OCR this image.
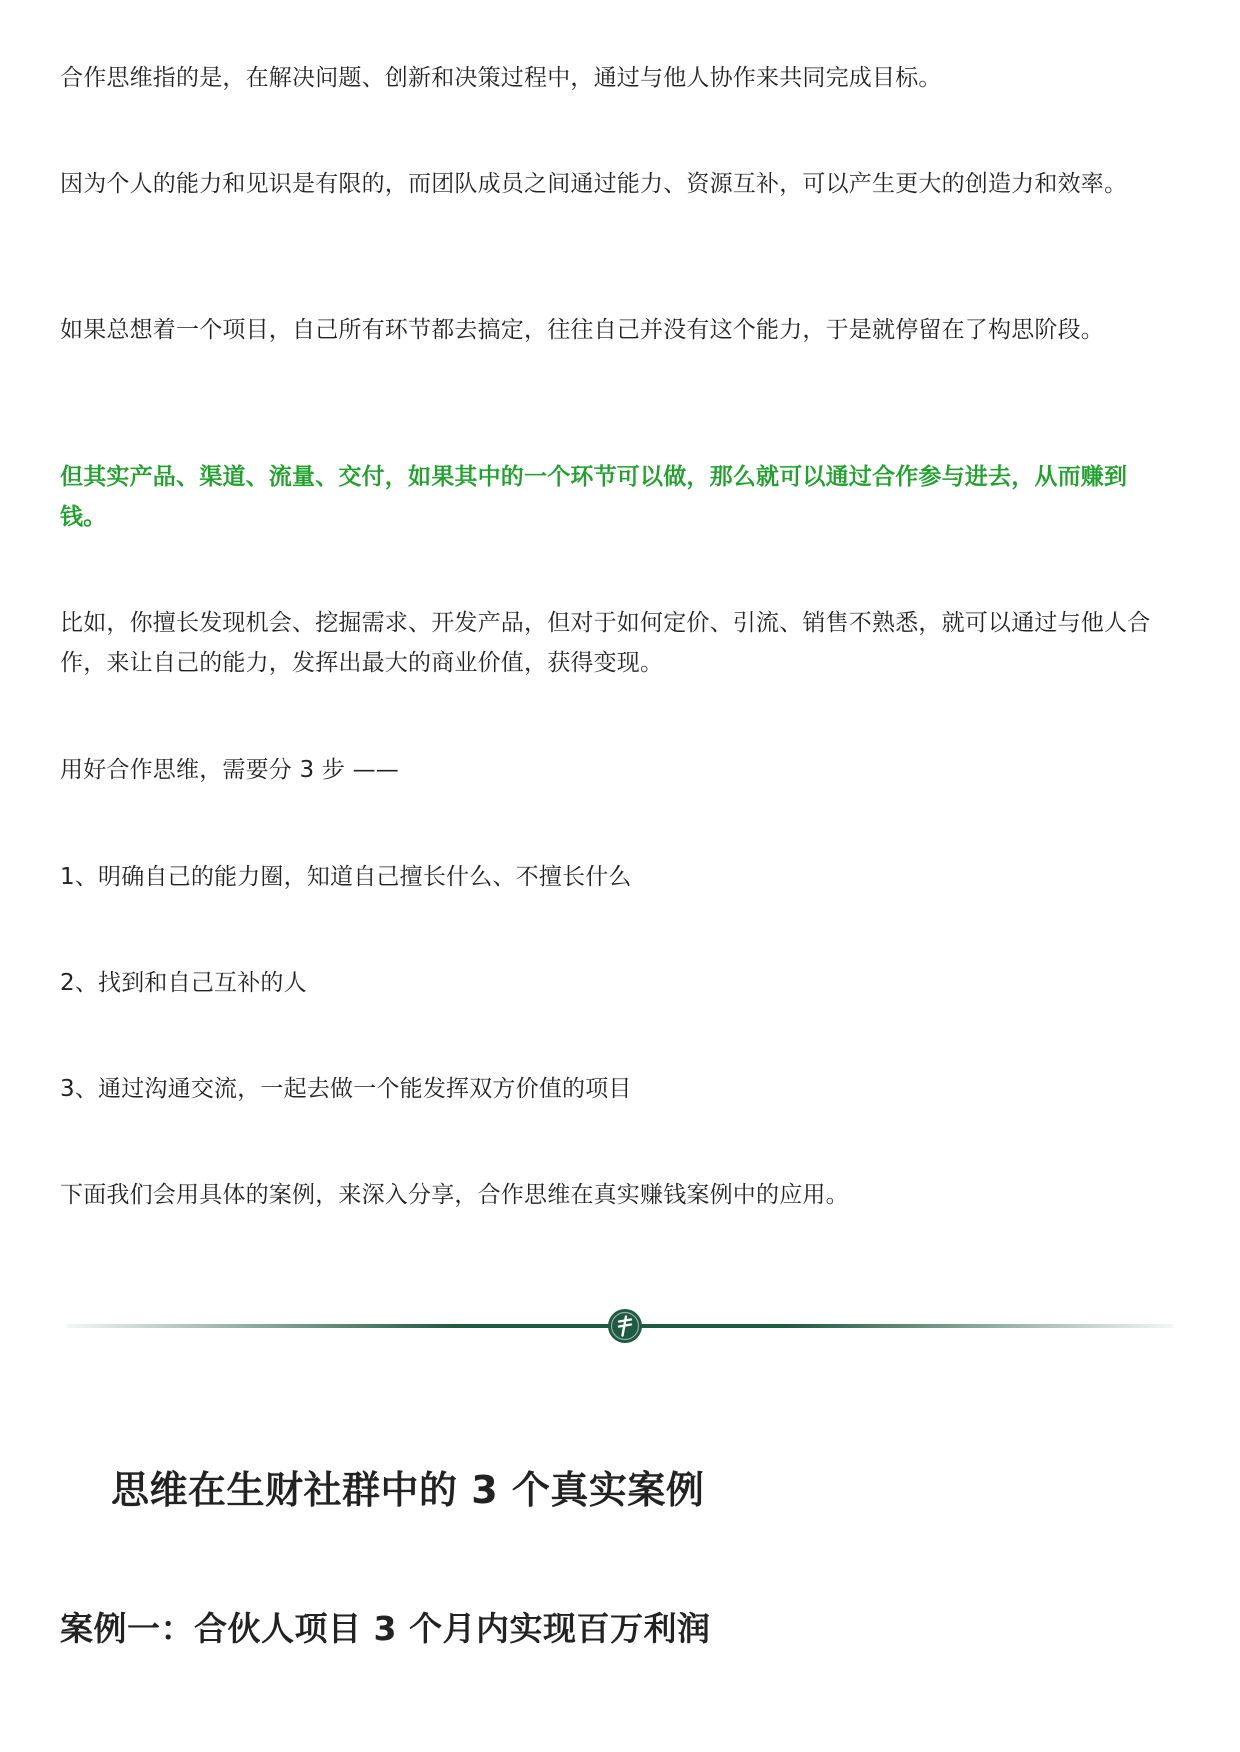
合作思维指的是，在解决问题、创新和决策过程中，通过与他人协作来共同完成目标。

因为个人的能力和见识是有限的，而团队成员之间通过能力、资源互补，可以产生更大的创造力和效率。

如果总想着一个项目，自己所有环节都去搞定，往往自己并没有这个能力，于是就停留在了构思阶段。

但其实产品、渠道、流量、交付，如果其中的一个环节可以做，那么就可以通过合作参与进去，从而赚到钱。

比如，你擅长发现机会、挖掘需求、开发产品，但对于如何定价、引流、销售不熟悉，就可以通过与他人合作，来让自己的能力，发挥出最大的商业价值，获得变现。

用好合作思维，需要分 3 步 ——

1、明确自己的能力圈，知道自己擅长什么、不擅长什么

2、找到和自己互补的人

3、通过沟通交流，一起去做一个能发挥双方价值的项目

下面我们会用具体的案例，来深入分享，合作思维在真实赚钱案例中的应用。

思维在生财社群中的 3 个真实案例
案例一：合伙人项目 3 个月内实现百万利润
